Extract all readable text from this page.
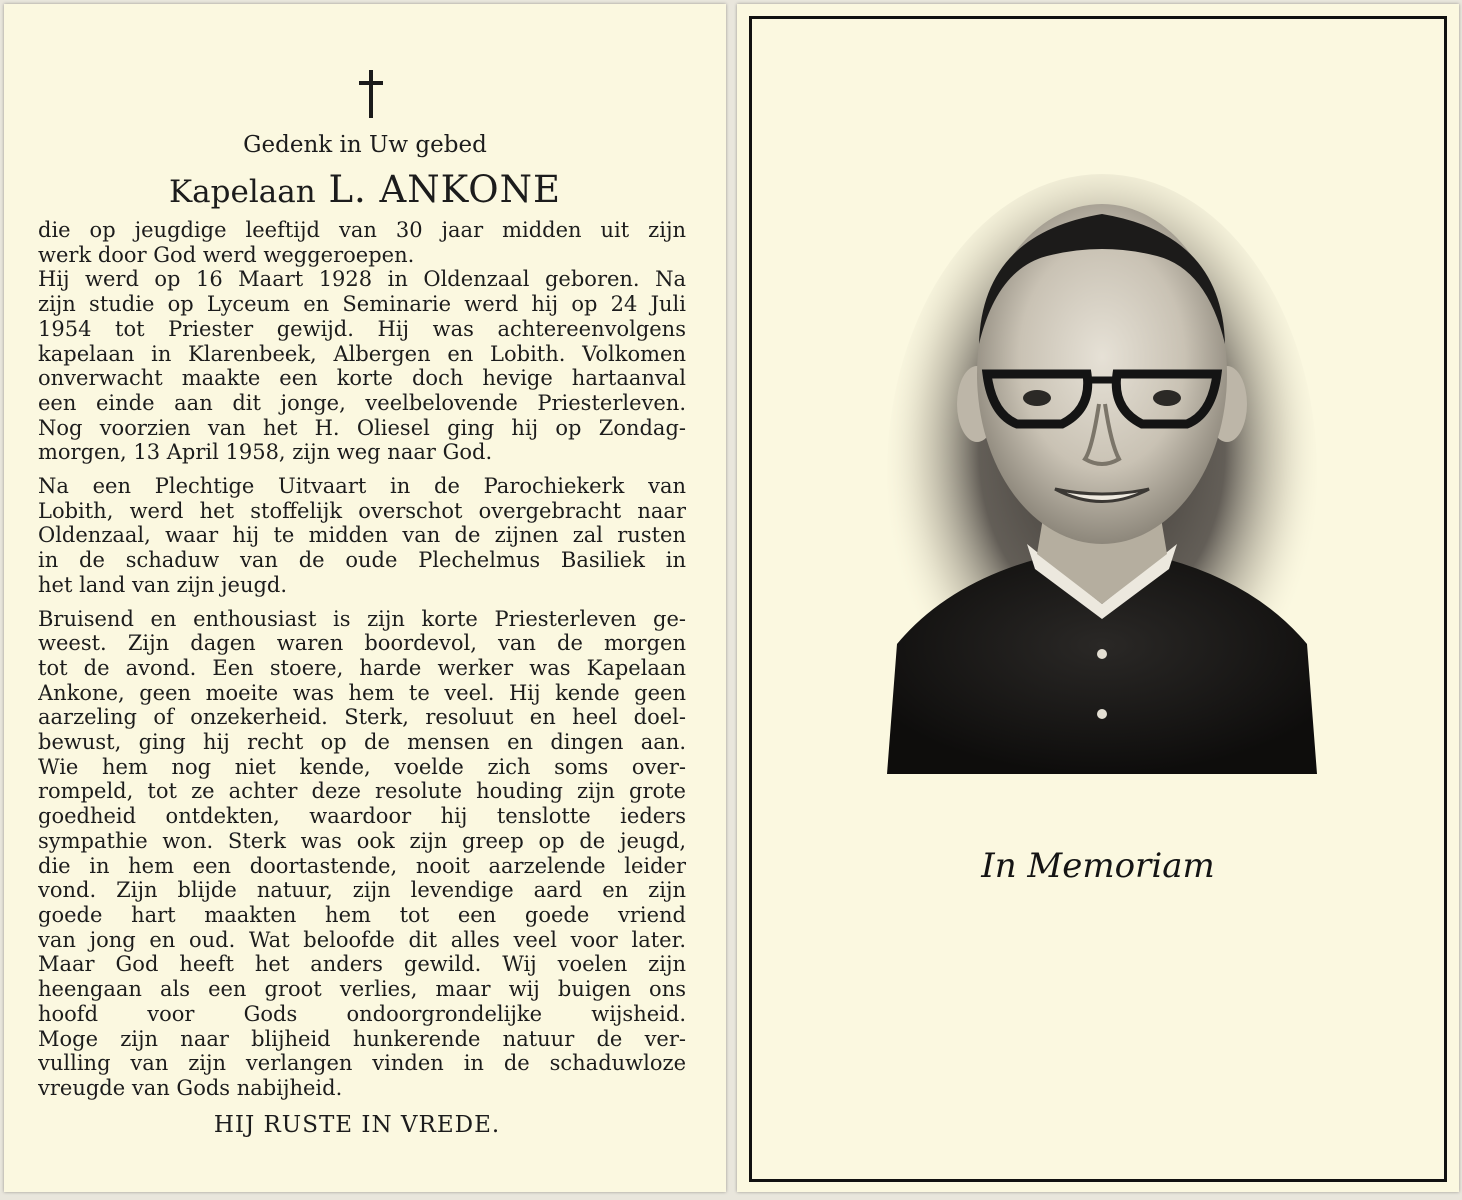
Gedenk in Uw gebed
Kapelaan L. ANKONE
die op jeugdige leeftijd van 30 jaar midden uit zijn
werk door God werd weggeroepen.
Hij werd op 16 Maart 1928 in Oldenzaal geboren. Na
zijn studie op Lyceum en Seminarie werd hij op 24 Juli
1954 tot Priester gewijd. Hij was achtereenvolgens
kapelaan in Klarenbeek, Albergen en Lobith. Volkomen
onverwacht maakte een korte doch hevige hartaanval
een einde aan dit jonge, veelbelovende Priesterleven.
Nog voorzien van het H. Oliesel ging hij op Zondag-
morgen, 13 April 1958, zijn weg naar God.
Na een Plechtige Uitvaart in de Parochiekerk van
Lobith, werd het stoffelijk overschot overgebracht naar
Oldenzaal, waar hij te midden van de zijnen zal rusten
in de schaduw van de oude Plechelmus Basiliek in
het land van zijn jeugd.
Bruisend en enthousiast is zijn korte Priesterleven ge-
weest. Zijn dagen waren boordevol, van de morgen
tot de avond. Een stoere, harde werker was Kapelaan
Ankone, geen moeite was hem te veel. Hij kende geen
aarzeling of onzekerheid. Sterk, resoluut en heel doel-
bewust, ging hij recht op de mensen en dingen aan.
Wie hem nog niet kende, voelde zich soms over-
rompeld, tot ze achter deze resolute houding zijn grote
goedheid ontdekten, waardoor hij tenslotte ieders
sympathie won. Sterk was ook zijn greep op de jeugd,
die in hem een doortastende, nooit aarzelende leider
vond. Zijn blijde natuur, zijn levendige aard en zijn
goede hart maakten hem tot een goede vriend
van jong en oud. Wat beloofde dit alles veel voor later.
Maar God heeft het anders gewild. Wij voelen zijn
heengaan als een groot verlies, maar wij buigen ons
hoofd voor Gods ondoorgrondelijke wijsheid.
Moge zijn naar blijheid hunkerende natuur de ver-
vulling van zijn verlangen vinden in de schaduwloze
vreugde van Gods nabijheid.
HIJ RUSTE IN VREDE.
In Memoriam
